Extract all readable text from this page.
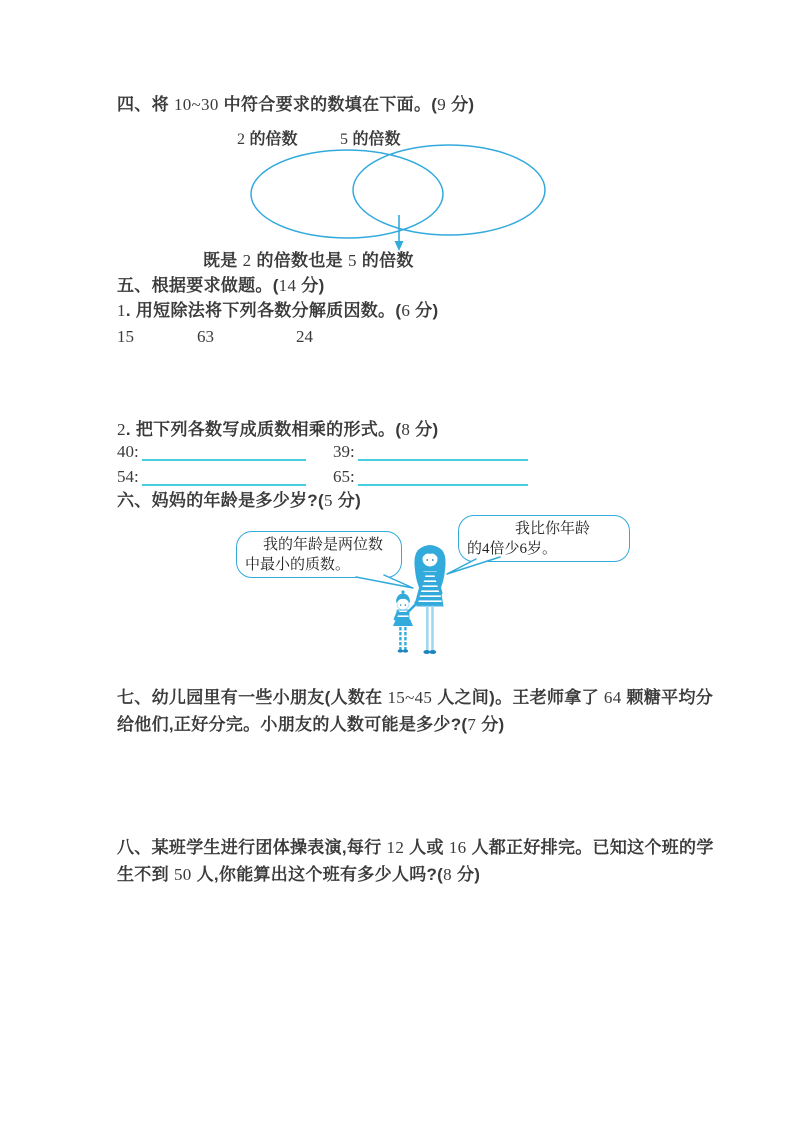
四、将 10~30 中符合要求的数填在下面。(9 分)
2 的倍数	5 的倍数
既是 2 的倍数也是 5 的倍数
五、根据要求做题。(14 分)
1. 用短除法将下列各数分解质因数。(6 分)
15	63	24
2. 把下列各数写成质数相乘的形式。(8 分)
40:	39:
54:	65:
六、妈妈的年龄是多少岁?(5 分)
我的年龄是两位数
中最小的质数。
我比你年龄
的4倍少6岁。
七、幼儿园里有一些小朋友(人数在 15~45 人之间)。王老师拿了 64 颗糖平均分
给他们,正好分完。小朋友的人数可能是多少?(7 分)
八、某班学生进行团体操表演,每行 12 人或 16 人都正好排完。已知这个班的学
生不到 50 人,你能算出这个班有多少人吗?(8 分)
